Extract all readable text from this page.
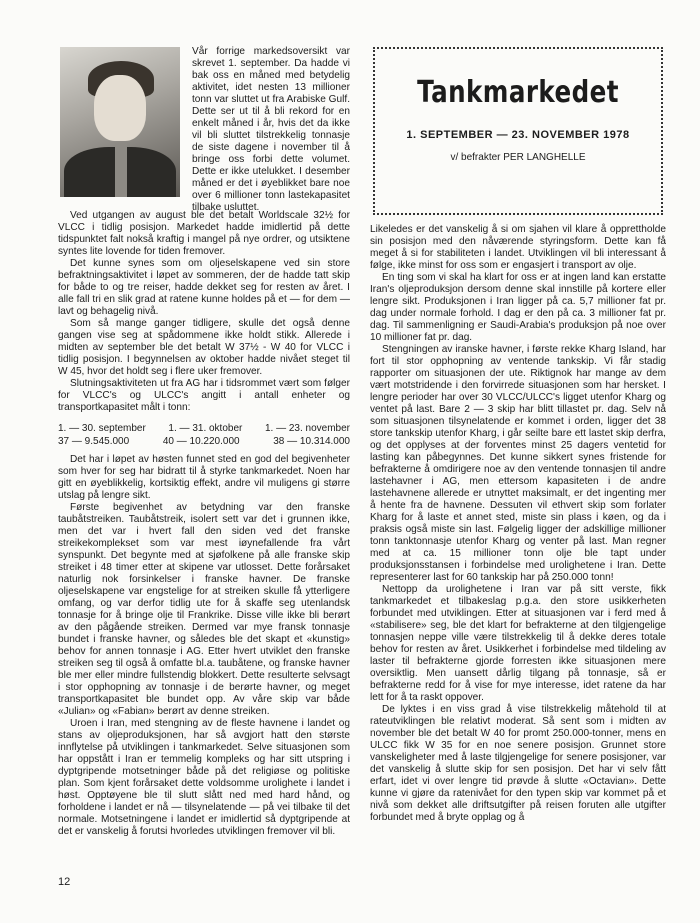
Vår forrige markedsoversikt var skrevet 1. september. Da hadde vi bak oss en måned med betydelig aktivitet, idet nesten 13 millioner tonn var sluttet ut fra Arabiske Gulf. Dette ser ut til å bli rekord for en enkelt måned i år, hvis det da ikke vil bli sluttet tilstrekkelig tonnasje de siste dagene i november til å bringe oss forbi dette volumet. Dette er ikke utelukket. I desember måned er det i øyeblikket bare noe over 6 millioner tonn lastekapasitet tilbake usluttet.

Tankmarkedet
1. SEPTEMBER — 23. NOVEMBER 1978
v/ befrakter PER LANGHELLE

Ved utgangen av august ble det betalt Worldscale 32½ for VLCC i tidlig posisjon. Markedet hadde imidlertid på dette tidspunktet falt nokså kraftig i mangel på nye ordrer, og utsiktene syntes lite lovende for tiden fremover.

Det kunne synes som om oljeselskapene ved sin store befraktningsaktivitet i løpet av sommeren, der de hadde tatt skip for både to og tre reiser, hadde dekket seg for resten av året. I alle fall tri en slik grad at ratene kunne holdes på et — for dem — lavt og behagelig nivå.

Som så mange ganger tidligere, skulle det også denne gangen vise seg at spådommene ikke holdt stikk. Allerede i midten av september ble det betalt W 37½ - W 40 for VLCC i tidlig posisjon. I begynnelsen av oktober hadde nivået steget til W 45, hvor det holdt seg i flere uker fremover.

Slutningsaktiviteten ut fra AG har i tidsrommet vært som følger for VLCC's og ULCC's angitt i antall enheter og transportkapasitet målt i tonn:

1. — 30. september 1. — 31. oktober 1. — 23. november
37 — 9.545.000	40 — 10.220.000	38 — 10.314.000

Det har i løpet av høsten funnet sted en god del begivenheter som hver for seg har bidratt til å styrke tankmarkedet. Noen har gitt en øyeblikkelig, kortsiktig effekt, andre vil muligens gi større utslag på lengre sikt.

Første begivenhet av betydning var den franske taubåtstreiken. Taubåtstreik, isolert sett var det i grunnen ikke, men det var i hvert fall den siden ved det franske streikekomplekset som var mest iøynefallende fra vårt synspunkt. Det begynte med at sjøfolkene på alle franske skip streiket i 48 timer etter at skipene var utlosset. Dette forårsaket naturlig nok forsinkelser i franske havner. De franske oljeselskapene var engstelige for at streiken skulle få ytterligere omfang, og var derfor tidlig ute for å skaffe seg utenlandsk tonnasje for å bringe olje til Frankrike. Disse ville ikke bli berørt av den pågående streiken. Dermed var mye fransk tonnasje bundet i franske havner, og således ble det skapt et «kunstig» behov for annen tonnasje i AG. Etter hvert utviklet den franske streiken seg til også å omfatte bl.a. taubåtene, og franske havner ble mer eller mindre fullstendig blokkert. Dette resulterte selvsagt i stor opphopning av tonnasje i de berørte havner, og meget transportkapasitet ble bundet opp. Av våre skip var både «Julian» og «Fabian» berørt av denne streiken.

Uroen i Iran, med stengning av de fleste havnene i landet og stans av oljeproduksjonen, har så avgjort hatt den største innflytelse på utviklingen i tankmarkedet. Selve situasjonen som har oppstått i Iran er temmelig kompleks og har sitt utspring i dyptgripende motsetninger både på det religiøse og politiske plan. Som kjent forårsaket dette voldsomme urolighete i landet i høst. Opptøyene ble til slutt slått ned med hard hånd, og forholdene i landet er nå — tilsynelatende — på vei tilbake til det normale. Motsetningene i landet er imidlertid så dyptgripende at det er vanskelig å forutsi hvorledes utviklingen fremover vil bli.

Likeledes er det vanskelig å si om sjahen vil klare å opprettholde sin posisjon med den nåværende styringsform. Dette kan få meget å si for stabiliteten i landet. Utviklingen vil bli interessant å følge, ikke minst for oss som er engasjert i transport av olje.

En ting som vi skal ha klart for oss er at ingen land kan erstatte Iran's oljeproduksjon dersom denne skal innstille på kortere eller lengre sikt. Produksjonen i Iran ligger på ca. 5,7 millioner fat pr. dag under normale forhold. I dag er den på ca. 3 millioner fat pr. dag. Til sammenligning er Saudi-Arabia's produksjon på noe over 10 millioner fat pr. dag.

Stengningen av iranske havner, i første rekke Kharg Island, har fort til stor opphopning av ventende tankskip. Vi får stadig rapporter om situasjonen der ute. Riktignok har mange av dem vært motstridende i den forvirrede situasjonen som har hersket. I lengre perioder har over 30 VLCC/ULCC's ligget utenfor Kharg og ventet på last. Bare 2 — 3 skip har blitt tillastet pr. dag. Selv nå som situasjonen tilsynelatende er kommet i orden, ligger det 38 store tankskip utenfor Kharg, i går seilte bare ett lastet skip derfra, og det opplyses at der forventes minst 25 dagers ventetid for lasting kan påbegynnes. Det kunne sikkert synes fristende for befrakterne å omdirigere noe av den ventende tonnasjen til andre lastehavner i AG, men ettersom kapasiteten i de andre lastehavnene allerede er utnyttet maksimalt, er det ingenting mer å hente fra de havnene. Dessuten vil ethvert skip som forlater Kharg for å laste et annet sted, miste sin plass i køen, og da i praksis også miste sin last. Følgelig ligger der adskillige millioner tonn tanktonnasje utenfor Kharg og venter på last. Man regner med at ca. 15 millioner tonn olje ble tapt under produksjonsstansen i forbindelse med urolighetene i Iran. Dette representerer last for 60 tankskip har på 250.000 tonn!

Nettopp da urolighetene i Iran var på sitt verste, fikk tankmarkedet et tilbakeslag p.g.a. den store usikkerheten forbundet med utviklingen. Etter at situasjonen var i ferd med å «stabilisere» seg, ble det klart for befrakterne at den tilgjengelige tonnasjen neppe ville være tilstrekkelig til å dekke deres totale behov for resten av året. Usikkerhet i forbindelse med tildeling av laster til befrakterne gjorde forresten ikke situasjonen mere oversiktlig. Men uansett dårlig tilgang på tonnasje, så er befrakterne redd for å vise for mye interesse, idet ratene da har lett for å ta raskt oppover.

De lyktes i en viss grad å vise tilstrekkelig måtehold til at rateutviklingen ble relativt moderat. Så sent som i midten av november ble det betalt W 40 for promt 250.000-tonner, mens en ULCC fikk W 35 for en noe senere posisjon. Grunnet store vanskeligheter med å laste tilgjengelige for senere posisjoner, var det vanskelig å slutte skip for sen posisjon. Det har vi selv fått erfart, idet vi over lengre tid prøvde å slutte «Octavian». Dette kunne vi gjøre da ratenivået for den typen skip var kommet på et nivå som dekket alle driftsutgifter på reisen foruten alle utgifter forbundet med å bryte opplag og å

12
